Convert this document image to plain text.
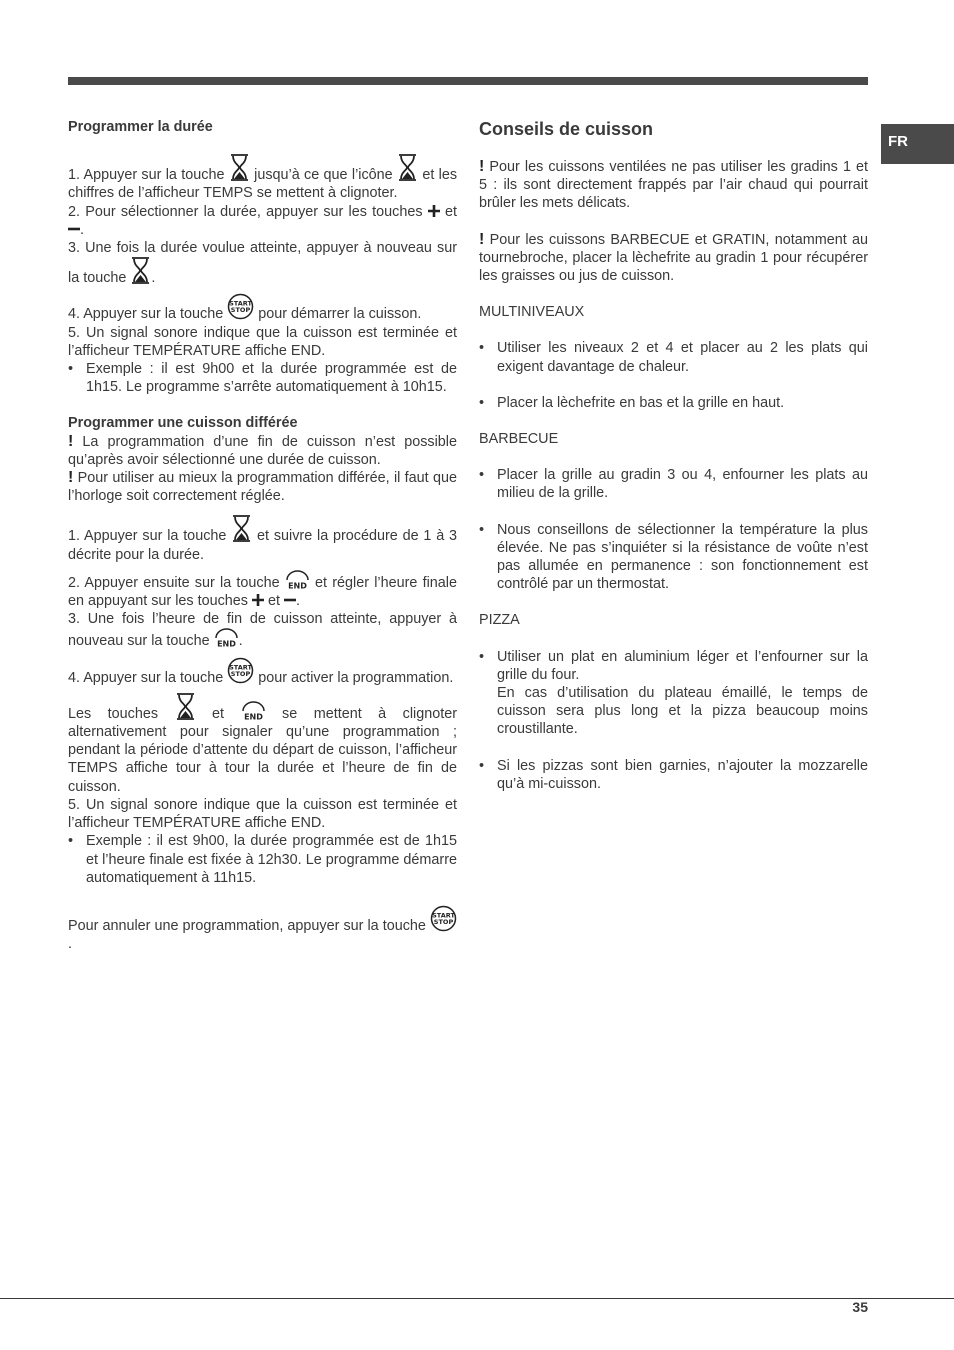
FR

Programmer la durée

1. Appuyer sur la touche jusqu’à ce que l’icône et les chiffres de l’afficheur TEMPS se mettent à clignoter.

2. Pour sélectionner la durée, appuyer sur les touches et
.

3. Une fois la durée voulue atteinte, appuyer à nouveau sur la touche .

4. Appuyer sur la touche
START
STOP pour démarrer la cuisson.

5. Un signal sonore indique que la cuisson est terminée et l’afficheur TEMPÉRATURE affiche END.

• Exemple : il est 9h00 et la durée programmée est de 1h15. Le programme s’arrête automatiquement à 10h15.

Programmer une cuisson différée

! La programmation d’une fin de cuisson n’est possible qu’après avoir sélectionné une durée de cuisson.

! Pour utiliser au mieux la programmation différée, il faut que l’horloge soit correctement réglée.

1. Appuyer sur la touche et suivre la procédure de 1 à 3 décrite pour la durée.

2. Appuyer ensuite sur la touche END et régler l’heure finale en appuyant sur les touches et .

3. Une fois l’heure de fin de cuisson atteinte, appuyer à nouveau sur la touche END .

4. Appuyer sur la touche
START
STOP pour activer la programmation.

Les touches	et END se mettent à clignoter alternativement pour signaler qu’une programmation ; pendant la période d’attente du départ de cuisson, l’afficheur TEMPS affiche tour à tour la durée et l’heure de fin de cuisson.

5. Un signal sonore indique que la cuisson est terminée et l’afficheur TEMPÉRATURE affiche END.

• Exemple : il est 9h00, la durée programmée est de 1h15 et l’heure finale est fixée à 12h30. Le programme démarre automatiquement à 11h15.

Pour annuler une programmation, appuyer sur la touche
START
STOP
.

Conseils de cuisson

! Pour les cuissons ventilées ne pas utiliser les gradins 1 et 5 : ils sont directement frappés par l’air chaud qui pourrait brûler les mets délicats.

! Pour les cuissons BARBECUE et GRATIN, notamment au tournebroche, placer la lèchefrite au gradin 1 pour récupérer les graisses ou jus de cuisson.

MULTINIVEAUX

• Utiliser les niveaux 2 et 4 et placer au 2 les plats qui exigent davantage de chaleur.

• Placer la lèchefrite en bas et la grille en haut.

BARBECUE

• Placer la grille au gradin 3 ou 4, enfourner les plats au milieu de la grille.

• Nous conseillons de sélectionner la température la plus élevée. Ne pas s’inquiéter si la résistance de voûte n’est pas allumée en permanence : son fonctionnement est contrôlé par un thermostat.

PIZZA

• Utiliser un plat en aluminium léger et l’enfourner sur la grille du four.

En cas d’utilisation du plateau émaillé, le temps de cuisson sera plus long et la pizza beaucoup moins croustillante.

• Si les pizzas sont bien garnies, n’ajouter la mozzarelle qu’à mi-cuisson.

35
